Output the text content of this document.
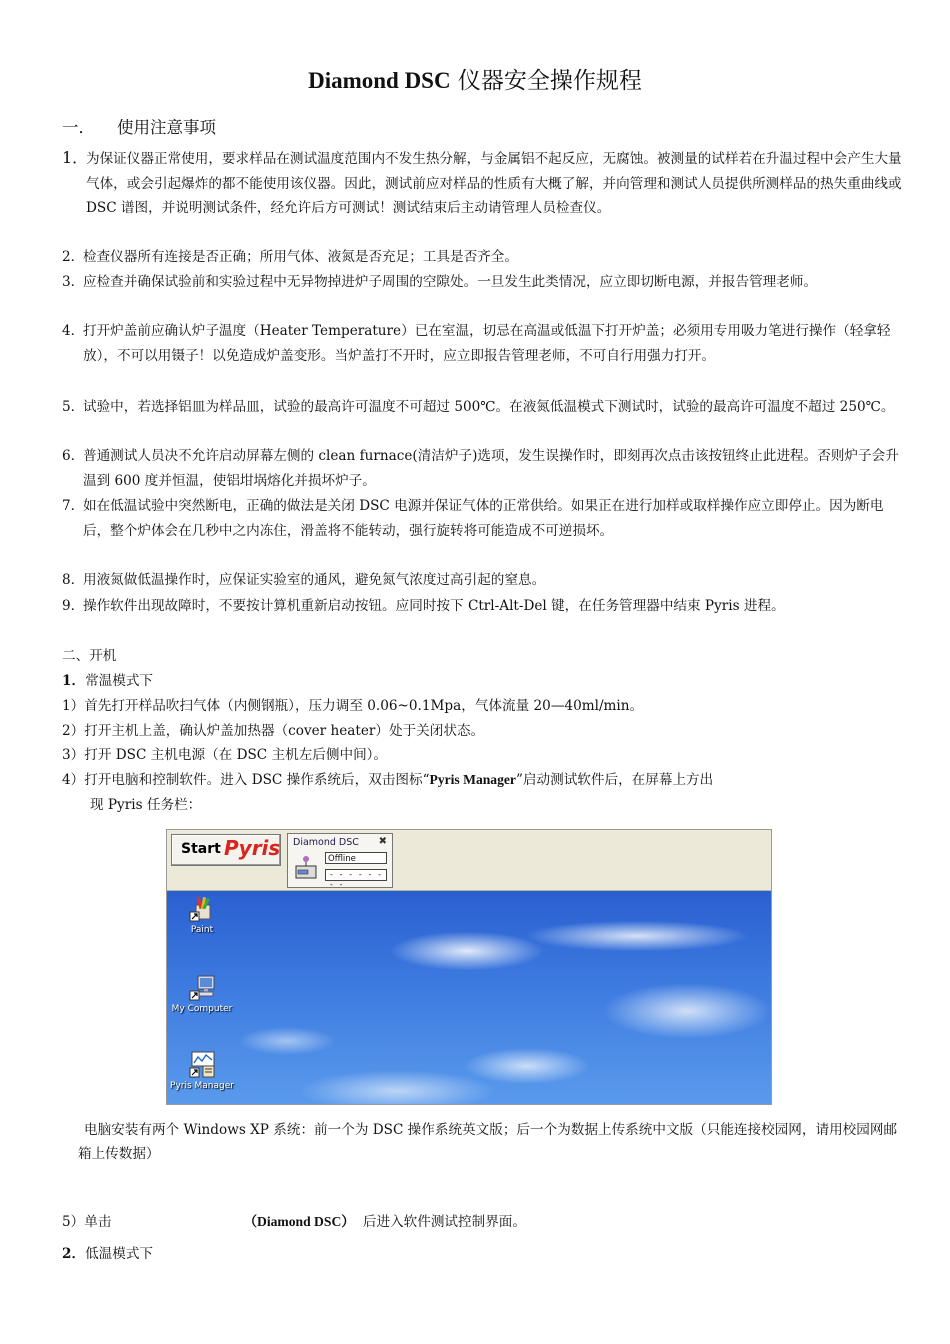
Diamond DSC 仪器安全操作规程
一． 使用注意事项
1．
为保证仪器正常使用，要求样品在测试温度范围内不发生热分解，与金属铝不起反应，无腐蚀。被测量的试样若在升温过程中会产生大量气体，或会引起爆炸的都不能使用该仪器。因此，测试前应对样品的性质有大概了解，并向管理和测试人员提供所测样品的热失重曲线或 DSC 谱图，并说明测试条件，经允许后方可测试！测试结束后主动请管理人员检查仪。
2．
检查仪器所有连接是否正确；所用气体、液氮是否充足；工具是否齐全。
3．
应检查并确保试验前和实验过程中无异物掉进炉子周围的空隙处。一旦发生此类情况，应立即切断电源，并报告管理老师。
4．
打开炉盖前应确认炉子温度（Heater Temperature）已在室温，切忌在高温或低温下打开炉盖；必须用专用吸力笔进行操作（轻拿轻放），不可以用镊子！以免造成炉盖变形。当炉盖打不开时，应立即报告管理老师，不可自行用强力打开。
5．
试验中，若选择铝皿为样品皿，试验的最高许可温度不可超过 500℃。在液氮低温模式下测试时，试验的最高许可温度不超过 250℃。
6．
普通测试人员决不允许启动屏幕左侧的 clean furnace(清洁炉子)选项，发生误操作时，即刻再次点击该按钮终止此进程。否则炉子会升温到 600 度并恒温，使铝坩埚熔化并损坏炉子。
7．
如在低温试验中突然断电，正确的做法是关闭 DSC 电源并保证气体的正常供给。如果正在进行加样或取样操作应立即停止。因为断电后，整个炉体会在几秒中之内冻住，滑盖将不能转动，强行旋转将可能造成不可逆损坏。
8．
用液氮做低温操作时，应保证实验室的通风，避免氮气浓度过高引起的窒息。
9．
操作软件出现故障时，不要按计算机重新启动按钮。应同时按下 Ctrl-Alt-Del 键，在任务管理器中结束 Pyris 进程。
二、开机
1．常温模式下
1）首先打开样品吹扫气体（内侧钢瓶），压力调至 0.06~0.1Mpa，气体流量 20—40ml/min。
2）打开主机上盖，确认炉盖加热器（cover heater）处于关闭状态。
3）打开 DSC 主机电源（在 DSC 主机左后侧中间）。
4）打开电脑和控制软件。进入 DSC 操作系统后，双击图标“Pyris Manager”启动测试软件后，在屏幕上方出
现 Pyris 任务栏：
Start Pyris Diamond DSC ✖
Offline
- - - - - - - -
Paint
My Computer
Pyris Manager
电脑安装有两个 Windows XP 系统：前一个为 DSC 操作系统英文版；后一个为数据上传系统中文版（只能连接校园网，请用校园网邮箱上传数据）
5）单击	（Diamond DSC） 后进入软件测试控制界面。
2．低温模式下
